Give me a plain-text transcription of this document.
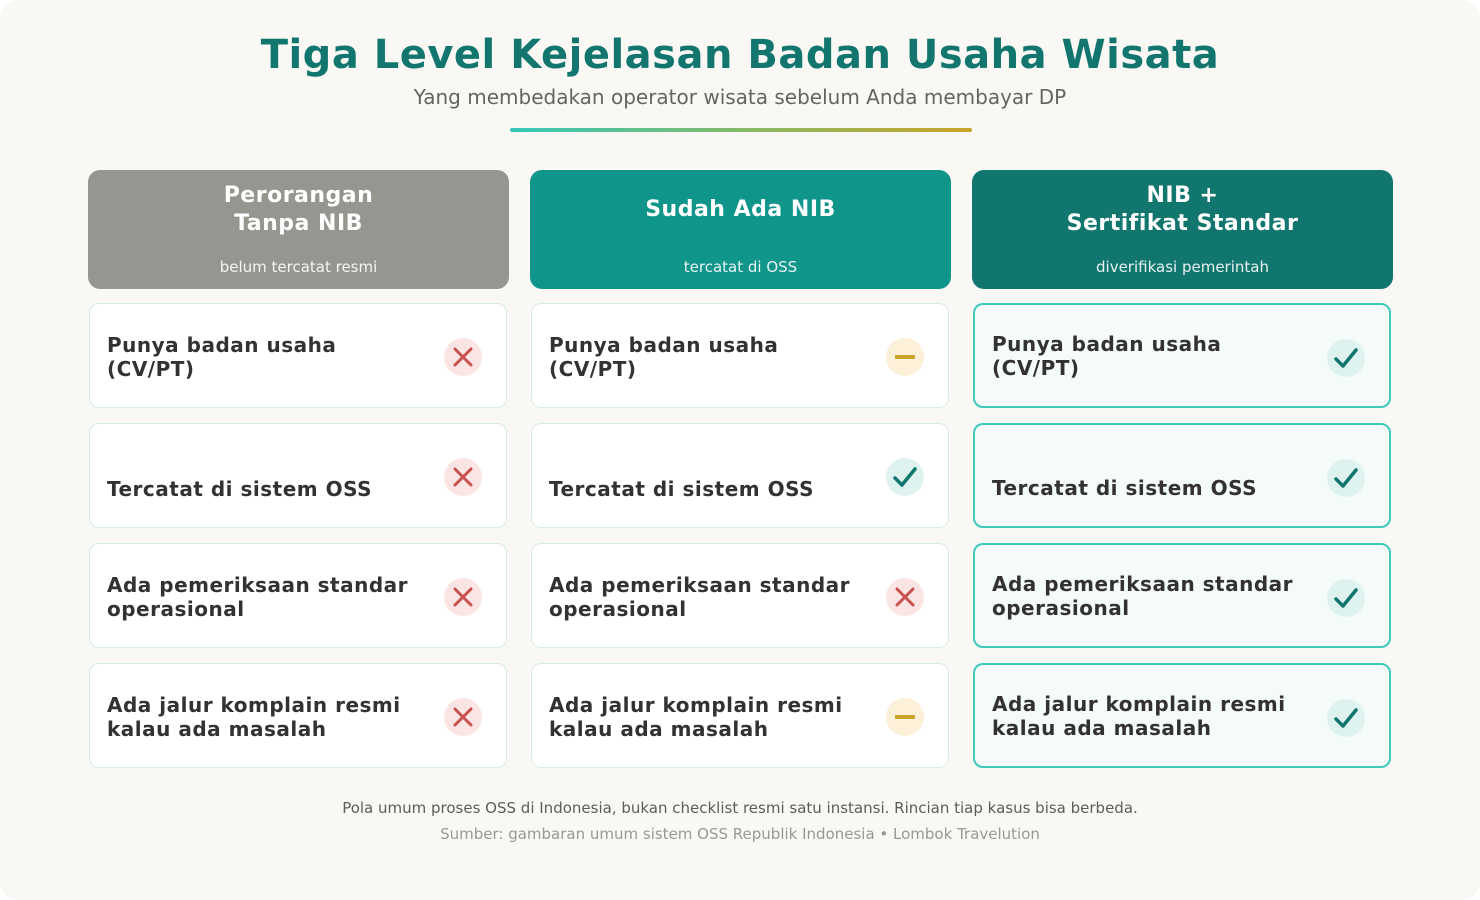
Tiga Level Kejelasan Badan Usaha Wisata
Yang membedakan operator wisata sebelum Anda membayar DP
Perorangan
Tanpa NIB
belum tercatat resmi
Sudah Ada NIB
tercatat di OSS
NIB +
Sertifikat Standar
diverifikasi pemerintah
Punya badan usaha (CV/PT)
Punya badan usaha (CV/PT)
Punya badan usaha (CV/PT)
Tercatat di sistem OSS	Tercatat di sistem OSS	Tercatat di sistem OSS
Ada pemeriksaan standar operasional
Ada pemeriksaan standar operasional
Ada pemeriksaan standar operasional
Ada jalur komplain resmi kalau ada masalah
Ada jalur komplain resmi kalau ada masalah
Ada jalur komplain resmi kalau ada masalah
Pola umum proses OSS di Indonesia, bukan checklist resmi satu instansi. Rincian tiap kasus bisa berbeda.
Sumber: gambaran umum sistem OSS Republik Indonesia • Lombok Travelution
